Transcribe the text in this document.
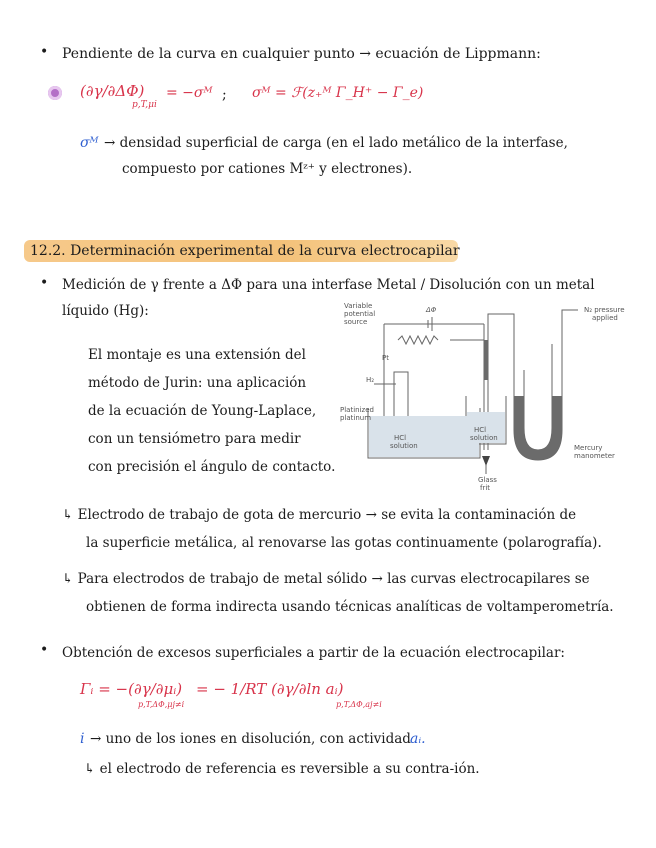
• Pendiente de la curva en cualquier punto → ecuación de Lippmann:
(∂γ/∂ΔΦ)
p,T,μi
= −σᴹ ; σᴹ = ℱ(z₊ᴹ Γ_H⁺ − Γ_e)
σᴹ → densidad superficial de carga (en el lado metálico de la interfase,
compuesto por cationes Mᶻ⁺ y electrones).
12.2. Determinación experimental de la curva electrocapilar
• Medición de γ frente a ΔΦ para una interfase Metal / Disolución con un metal
líquido (Hg):
El montaje es una extensión del
método de Jurin: una aplicación
de la ecuación de Young-Laplace,
con un tensiómetro para medir
con precisión el ángulo de contacto.
Variable
potential
source
ΔΦ	N₂ pressure
applied
Pt
H₂
Platinized
platinum
HCl
solution
HCl
solution
Mercury
manometer
Glass
frit
↳ Electrodo de trabajo de gota de mercurio → se evita la contaminación de
la superficie metálica, al renovarse las gotas continuamente (polarografía).
↳ Para electrodos de trabajo de metal sólido → las curvas electrocapilares se
obtienen de forma indirecta usando técnicas analíticas de voltamperometría.
• Obtención de excesos superficiales a partir de la ecuación electrocapilar:
Γᵢ = −(∂γ/∂μᵢ)
p,T,ΔΦ,μj≠i
= − 1/RT (∂γ/∂ln aᵢ)
p,T,ΔΦ,aj≠i
i → uno de los iones en disolución, con actividad aᵢ.
↳ el electrodo de referencia es reversible a su contra-ión.
